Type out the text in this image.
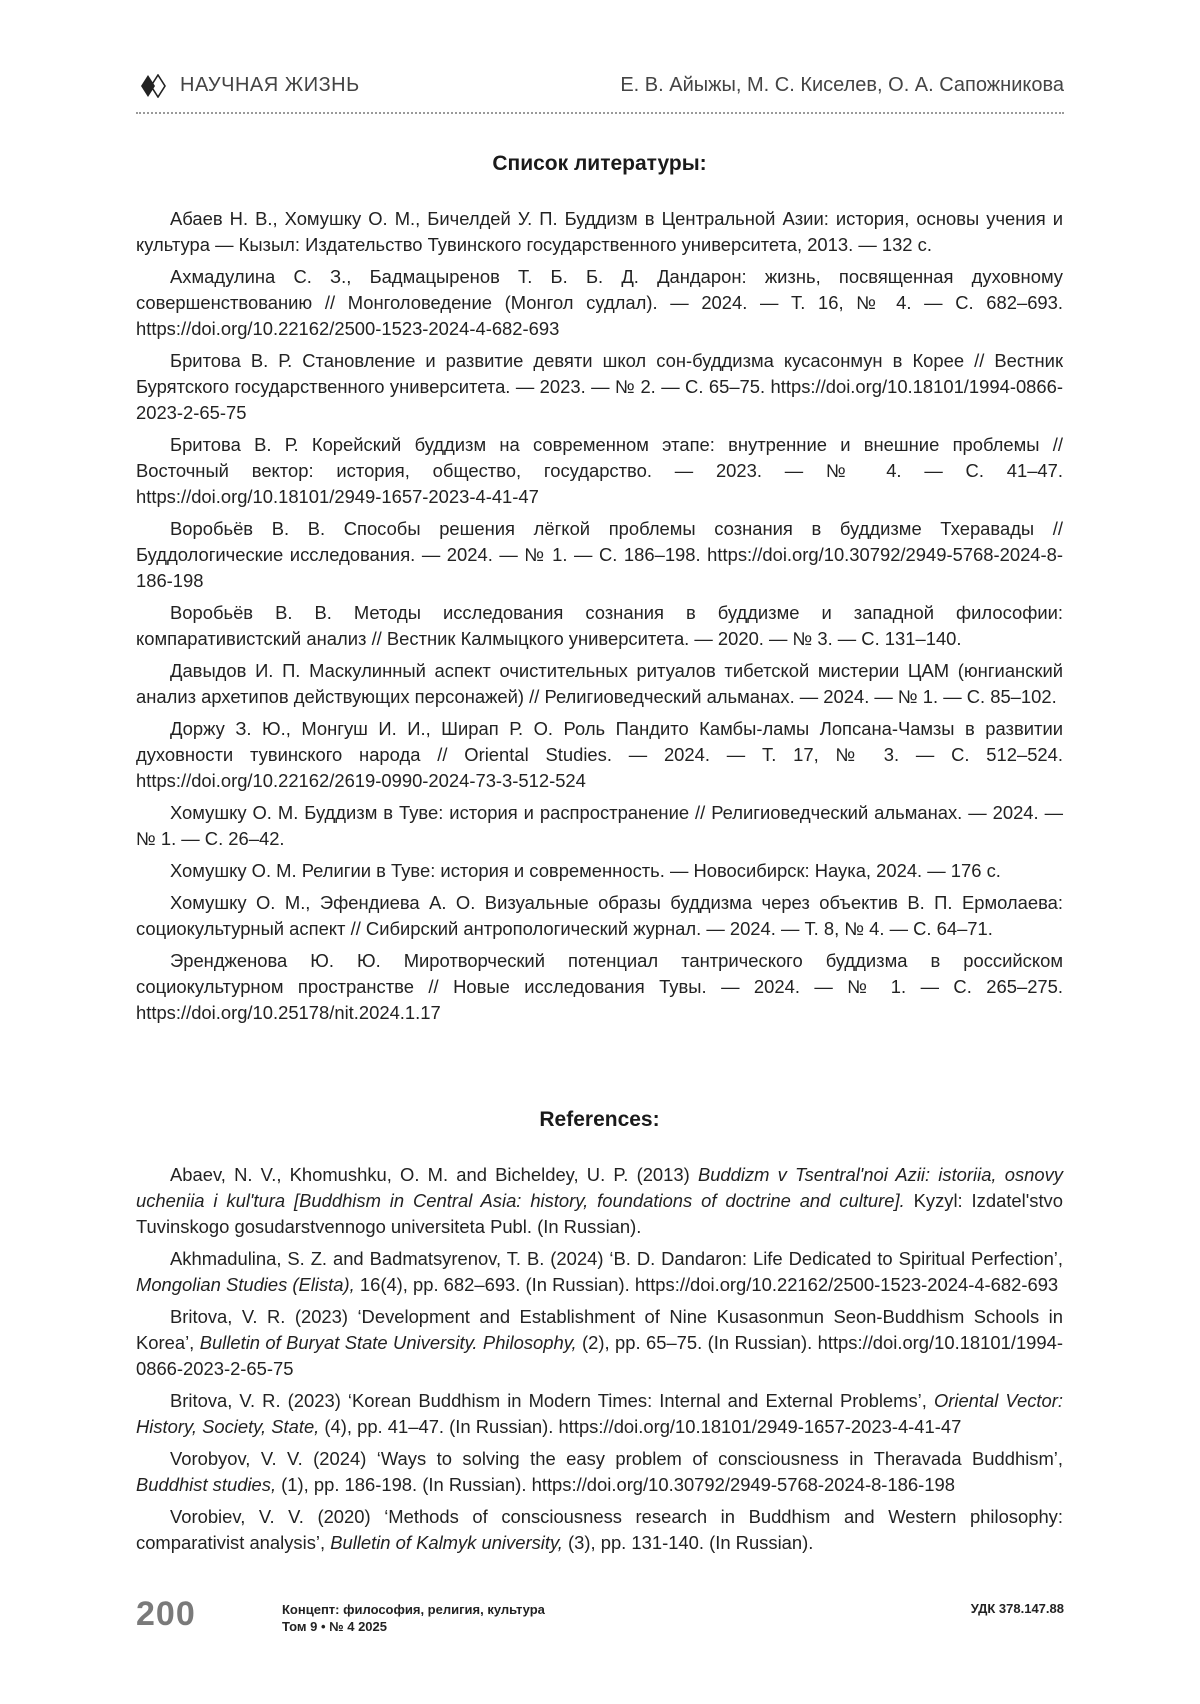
НАУЧНАЯ ЖИЗНЬ	Е. В. Айыжы, М. С. Киселев, О. А. Сапожникова
Список литературы:
Абаев Н. В., Хомушку О. М., Бичелдей У. П. Буддизм в Центральной Азии: история, основы учения и культура — Кызыл: Издательство Тувинского государственного университета, 2013. — 132 с.
Ахмадулина С. З., Бадмацыренов Т. Б. Б. Д. Дандарон: жизнь, посвященная духовному совершенствованию // Монголоведение (Монгол судлал). — 2024. — Т. 16, № 4. — С. 682–693. https://doi.org/10.22162/2500-1523-2024-4-682-693
Бритова В. Р. Становление и развитие девяти школ сон-буддизма кусасонмун в Корее // Вестник Бурятского государственного университета. — 2023. — № 2. — С. 65–75. https://doi.org/10.18101/1994-0866-2023-2-65-75
Бритова В. Р. Корейский буддизм на современном этапе: внутренние и внешние проблемы // Восточный вектор: история, общество, государство. — 2023. — № 4. — С. 41–47. https://doi.org/10.18101/2949-1657-2023-4-41-47
Воробьёв В. В. Способы решения лёгкой проблемы сознания в буддизме Тхеравады // Буддологические исследования. — 2024. — № 1. — С. 186–198. https://doi.org/10.30792/2949-5768-2024-8-186-198
Воробьёв В. В. Методы исследования сознания в буддизме и западной философии: компаративистский анализ // Вестник Калмыцкого университета. — 2020. — № 3. — С. 131–140.
Давыдов И. П. Маскулинный аспект очистительных ритуалов тибетской мистерии ЦАМ (юнгианский анализ архетипов действующих персонажей) // Религиоведческий альманах. — 2024. — № 1. — С. 85–102.
Доржу З. Ю., Монгуш И. И., Ширап Р. О. Роль Пандито Камбы-ламы Лопсана-Чамзы в развитии духовности тувинского народа // Oriental Studies. — 2024. — Т. 17, № 3. — С. 512–524. https://doi.org/10.22162/2619-0990-2024-73-3-512-524
Хомушку О. М. Буддизм в Туве: история и распространение // Религиоведческий альманах. — 2024. — № 1. — С. 26–42.
Хомушку О. М. Религии в Туве: история и современность. — Новосибирск: Наука, 2024. — 176 с.
Хомушку О. М., Эфендиева А. О. Визуальные образы буддизма через объектив В. П. Ермолаева: социокультурный аспект // Сибирский антропологический журнал. — 2024. — Т. 8, № 4. — С. 64–71.
Эрендженова Ю. Ю. Миротворческий потенциал тантрического буддизма в российском социокультурном пространстве // Новые исследования Тувы. — 2024. — № 1. — С. 265–275. https://doi.org/10.25178/nit.2024.1.17
References:
Abaev, N. V., Khomushku, O. M. and Bicheldey, U. P. (2013) Buddizm v Tsentral'noi Azii: istoriia, osnovy ucheniia i kul'tura [Buddhism in Central Asia: history, foundations of doctrine and culture]. Kyzyl: Izdatel'stvo Tuvinskogo gosudarstvennogo universiteta Publ. (In Russian).
Akhmadulina, S. Z. and Badmatsyrenov, T. B. (2024) ‘B. D. Dandaron: Life Dedicated to Spiritual Perfection’, Mongolian Studies (Elista), 16(4), pp. 682–693. (In Russian). https://doi.org/10.22162/2500-1523-2024-4-682-693
Britova, V. R. (2023) ‘Development and Establishment of Nine Kusasonmun Seon-Buddhism Schools in Korea’, Bulletin of Buryat State University. Philosophy, (2), pp. 65–75. (In Russian). https://doi.org/10.18101/1994-0866-2023-2-65-75
Britova, V. R. (2023) ‘Korean Buddhism in Modern Times: Internal and External Problems’, Oriental Vector: History, Society, State, (4), pp. 41–47. (In Russian). https://doi.org/10.18101/2949-1657-2023-4-41-47
Vorobyov, V. V. (2024) ‘Ways to solving the easy problem of consciousness in Theravada Buddhism’, Buddhist studies, (1), pp. 186-198. (In Russian). https://doi.org/10.30792/2949-5768-2024-8-186-198
Vorobiev, V. V. (2020) ‘Methods of consciousness research in Buddhism and Western philosophy: comparativist analysis’, Bulletin of Kalmyk university, (3), pp. 131-140. (In Russian).
200	Концепт: философия, религия, культура
Том 9 • № 4 2025
УДК 378.147.88
